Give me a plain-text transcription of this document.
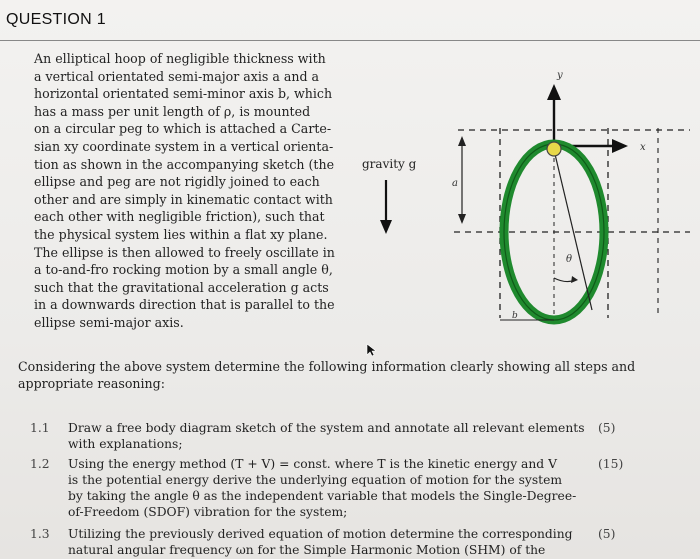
QUESTION 1
An elliptical hoop of negligible thickness with
a vertical orientated semi-major axis a and a
horizontal orientated semi-minor axis b, which
has a mass per unit length of ρ, is mounted
on a circular peg to which is attached a Carte-
sian xy coordinate system in a vertical orienta-
tion as shown in the accompanying sketch (the
ellipse and peg are not rigidly joined to each
other and are simply in kinematic contact with
each other with negligible friction), such that
the physical system lies within a flat xy plane.
The ellipse is then allowed to freely oscillate in
a to-and-fro rocking motion by a small angle θ,
such that the gravitational acceleration g acts
in a downwards direction that is parallel to the
ellipse semi-major axis.
gravity g
a
y
x
θ
b
Considering the above system determine the following information clearly showing all steps and
appropriate reasoning:
1.1 Draw a free body diagram sketch of the system and annotate all relevant elements
with explanations;
(5)
1.2 Using the energy method (T + V) = const. where T is the kinetic energy and V
is the potential energy derive the underlying equation of motion for the system
by taking the angle θ as the independent variable that models the Single-Degree-
of-Freedom (SDOF) vibration for the system;
(15)
1.3 Utilizing the previously derived equation of motion determine the corresponding
natural angular frequency ωn for the Simple Harmonic Motion (SHM) of the
(5)
